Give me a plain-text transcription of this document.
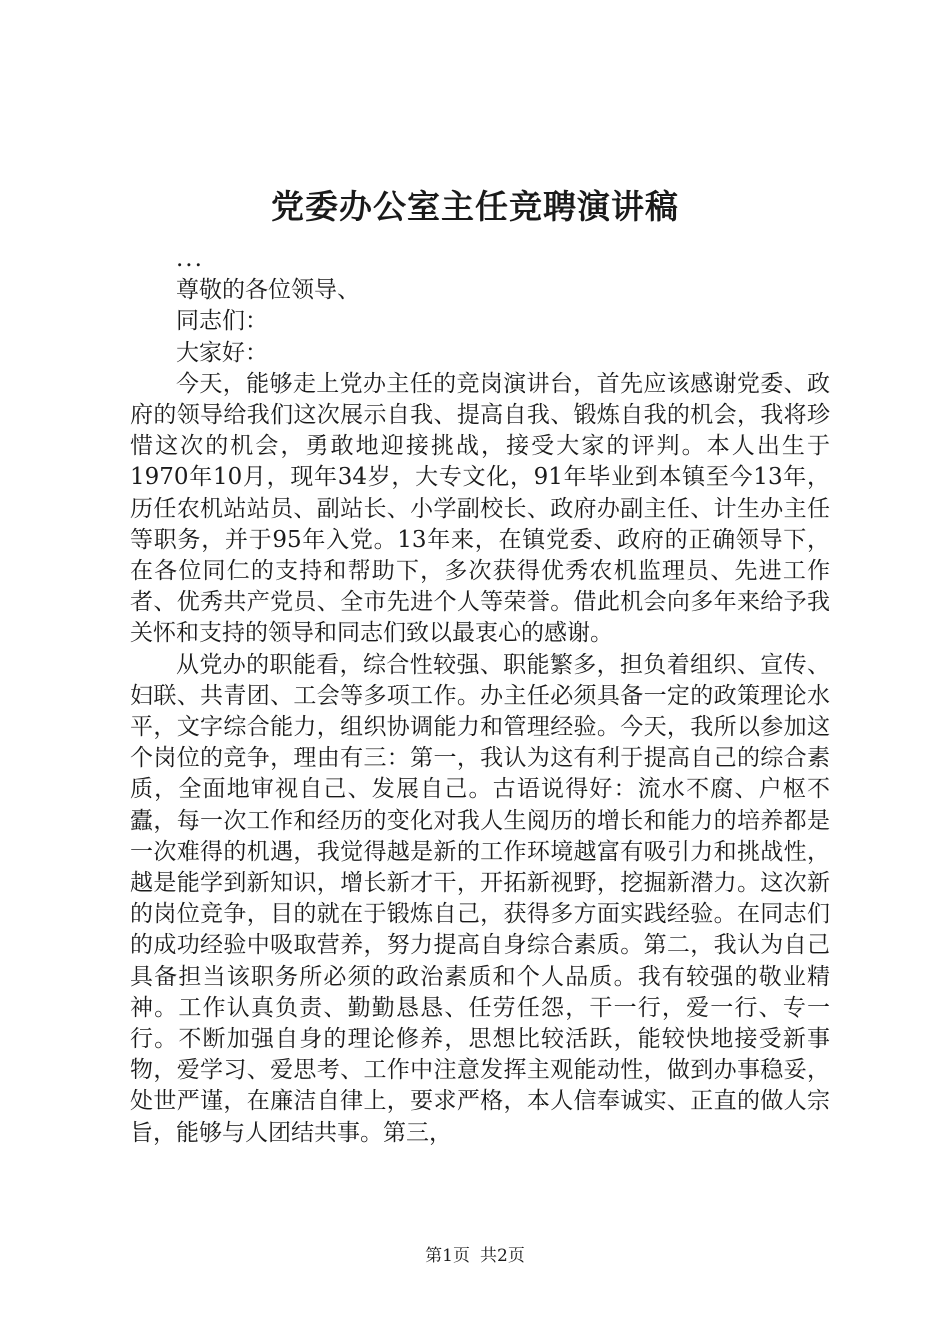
党委办公室主任竞聘演讲稿

...

尊敬的各位领导、

同志们：

大家好：

今天，能够走上党办主任的竞岗演讲台，首先应该感谢党委、政府的领导给我们这次展示自我、提高自我、锻炼自我的机会，我将珍惜这次的机会，勇敢地迎接挑战，接受大家的评判。本人出生于1970年10月，现年34岁，大专文化，91年毕业到本镇至今13年，历任农机站站员、副站长、小学副校长、政府办副主任、计生办主任等职务，并于95年入党。13年来，在镇党委、政府的正确领导下，在各位同仁的支持和帮助下，多次获得优秀农机监理员、先进工作者、优秀共产党员、全市先进个人等荣誉。借此机会向多年来给予我关怀和支持的领导和同志们致以最衷心的感谢。

从党办的职能看，综合性较强、职能繁多，担负着组织、宣传、妇联、共青团、工会等多项工作。办主任必须具备一定的政策理论水平，文字综合能力，组织协调能力和管理经验。今天，我所以参加这个岗位的竞争，理由有三：第一，我认为这有利于提高自己的综合素质，全面地审视自己、发展自己。古语说得好：流水不腐、户枢不蠹，每一次工作和经历的变化对我人生阅历的增长和能力的培养都是一次难得的机遇，我觉得越是新的工作环境越富有吸引力和挑战性，越是能学到新知识，增长新才干，开拓新视野，挖掘新潜力。这次新的岗位竞争，目的就在于锻炼自己，获得多方面实践经验。在同志们的成功经验中吸取营养，努力提高自身综合素质。第二，我认为自己具备担当该职务所必须的政治素质和个人品质。我有较强的敬业精神。工作认真负责、勤勤恳恳、任劳任怨，干一行，爱一行、专一行。不断加强自身的理论修养，思想比较活跃，能较快地接受新事物，爱学习、爱思考、工作中注意发挥主观能动性，做到办事稳妥，处世严谨，在廉洁自律上，要求严格，本人信奉诚实、正直的做人宗旨，能够与人团结共事。第三，

第1页 共2页
